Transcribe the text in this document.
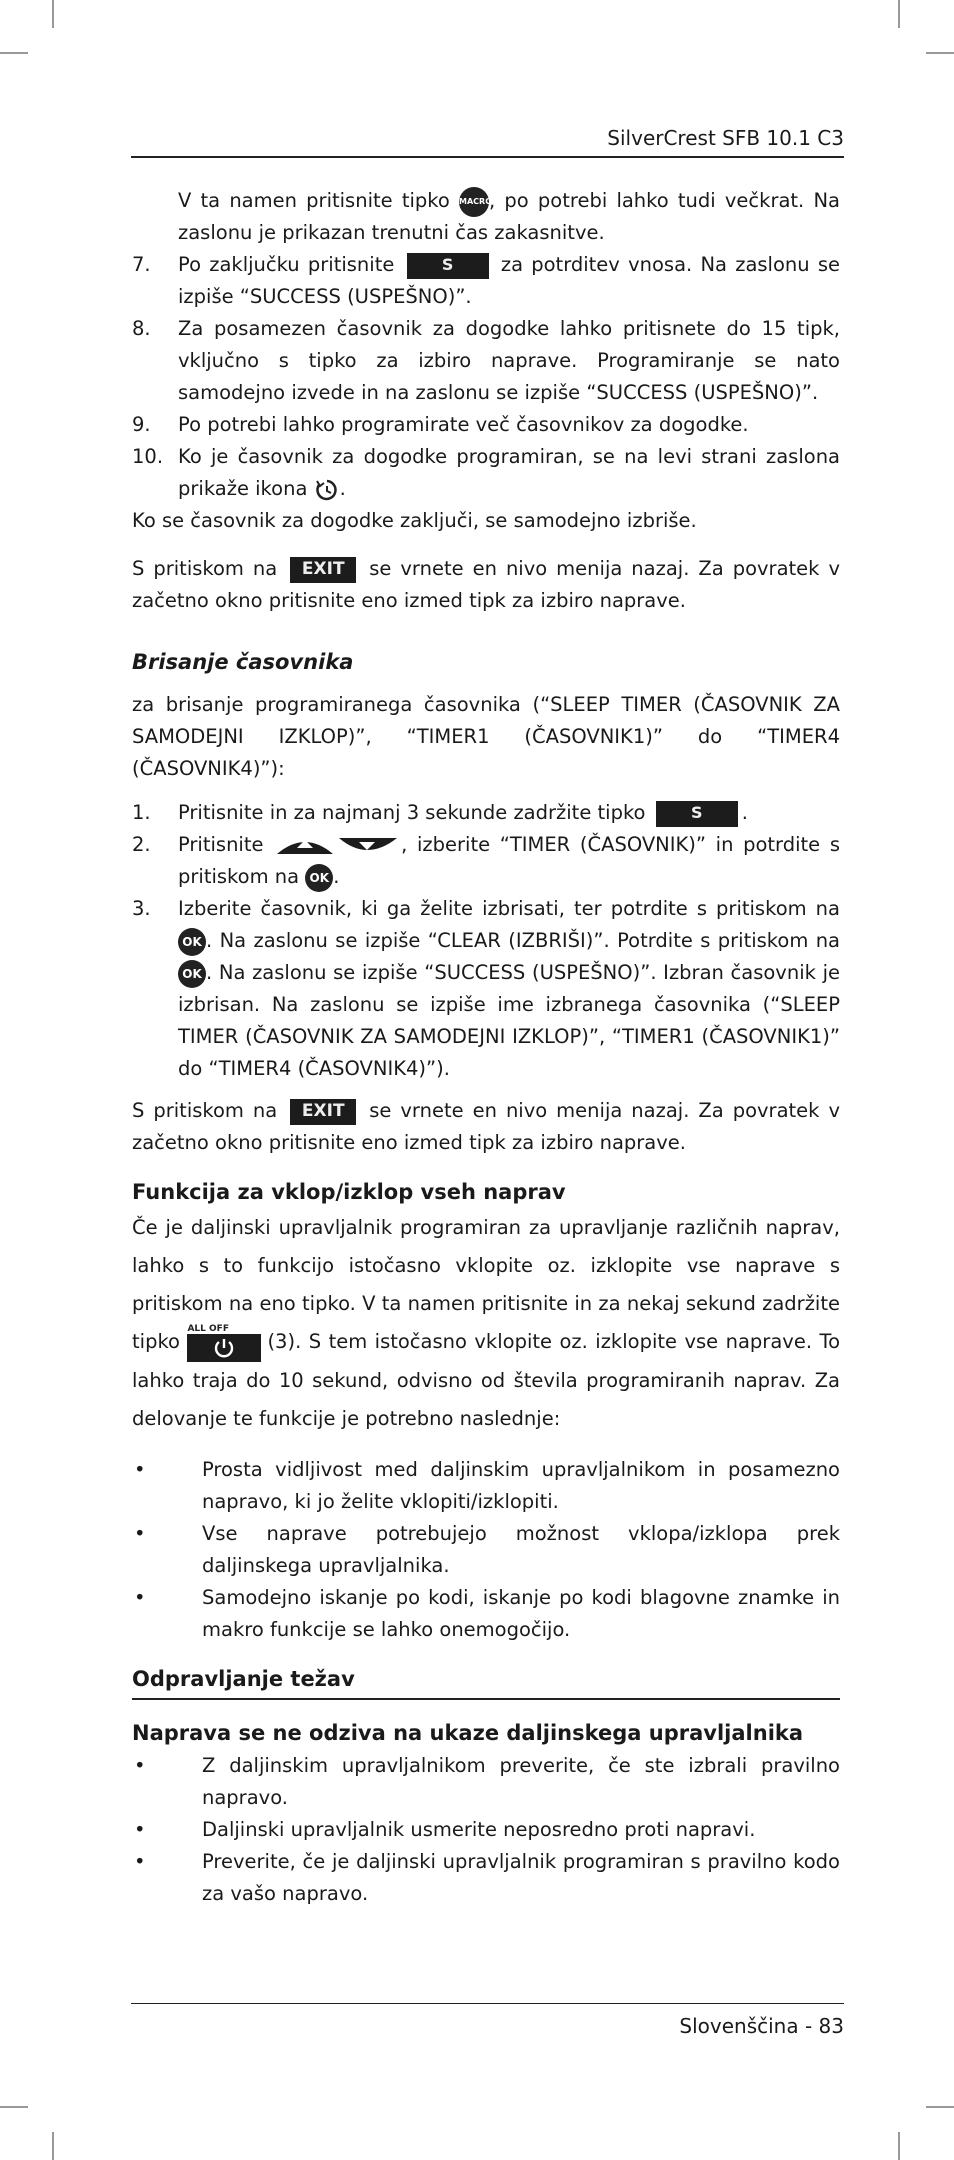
SilverCrest SFB 10.1 C3

V ta namen pritisnite tipko MACRO, po potrebi lahko tudi večkrat. Na zaslonu je prikazan trenutni čas zakasnitve.

7.	Po zaključku pritisnite	S za potrditev vnosa. Na zaslonu se izpiše “SUCCESS (USPEŠNO)”.
8.	Za posamezen časovnik za dogodke lahko pritisnete do 15 tipk, vključno s tipko za izbiro naprave. Programiranje se nato samodejno izvede in na zaslonu se izpiše “SUCCESS (USPEŠNO)”.
9.	Po potrebi lahko programirate več časovnikov za dogodke.
10. Ko je časovnik za dogodke programiran, se na levi strani zaslona prikaže ikona .

Ko se časovnik za dogodke zaključi, se samodejno izbriše.

S pritiskom na EXIT se vrnete en nivo menija nazaj. Za povratek v začetno okno pritisnite eno izmed tipk za izbiro naprave.

Brisanje časovnika

za brisanje programiranega časovnika (“SLEEP TIMER (ČASOVNIK ZA SAMODEJNI IZKLOP)”, “TIMER1 (ČASOVNIK1)” do “TIMER4 (ČASOVNIK4)”):

1.	Pritisnite in za najmanj 3 sekunde zadržite tipko	S .
2.	Pritisnite	, izberite “TIMER (ČASOVNIK)” in potrdite s pritiskom na OK .
3.	Izberite časovnik, ki ga želite izbrisati, ter potrdite s pritiskom na OK . Na zaslonu se izpiše “CLEAR (IZBRIŠI)”. Potrdite s pritiskom na OK . Na zaslonu se izpiše “SUCCESS (USPEŠNO)”. Izbran časovnik je izbrisan. Na zaslonu se izpiše ime izbranega časovnika (“SLEEP TIMER (ČASOVNIK ZA SAMODEJNI IZKLOP)”, “TIMER1 (ČASOVNIK1)” do “TIMER4 (ČASOVNIK4)”).

S pritiskom na EXIT se vrnete en nivo menija nazaj. Za povratek v začetno okno pritisnite eno izmed tipk za izbiro naprave.

Funkcija za vklop/izklop vseh naprav

Če je daljinski upravljalnik programiran za upravljanje različnih naprav, lahko s to funkcijo istočasno vklopite oz. izklopite vse naprave s pritiskom na eno tipko. V ta namen pritisnite in za nekaj sekund zadržite tipko
ALL OFF
(3). S tem istočasno vklopite oz. izklopite vse naprave. To lahko traja do 10 sekund, odvisno od števila programiranih naprav. Za delovanje te funkcije je potrebno naslednje:

•	Prosta vidljivost med daljinskim upravljalnikom in posamezno napravo, ki jo želite vklopiti/izklopiti.
•	Vse naprave potrebujejo možnost vklopa/izklopa prek daljinskega upravljalnika.
•	Samodejno iskanje po kodi, iskanje po kodi blagovne znamke in makro funkcije se lahko onemogočijo.
Odpravljanje težav
Naprava se ne odziva na ukaze daljinskega upravljalnika
•	Z daljinskim upravljalnikom preverite, če ste izbrali pravilno napravo.
•	Daljinski upravljalnik usmerite neposredno proti napravi.
•	Preverite, če je daljinski upravljalnik programiran s pravilno kodo za vašo napravo.
Slovenščina - 83
